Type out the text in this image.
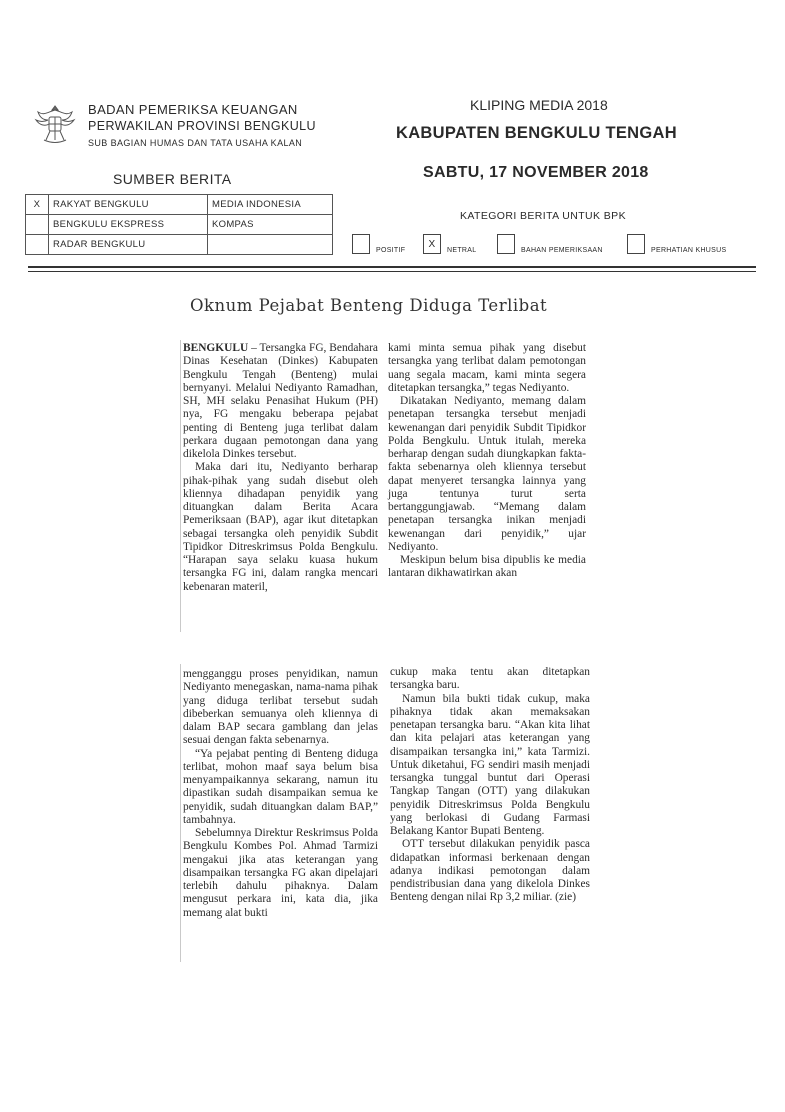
BADAN PEMERIKSA KEUANGAN
PERWAKILAN PROVINSI BENGKULU
SUB BAGIAN HUMAS DAN TATA USAHA KALAN
KLIPING MEDIA 2018
KABUPATEN BENGKULU TENGAH
SABTU, 17 NOVEMBER 2018
SUMBER BERITA
X	RAKYAT BENGKULU	MEDIA INDONESIA
	BENGKULU EKSPRESS	KOMPAS
	RADAR BENGKULU	
KATEGORI BERITA UNTUK BPK
POSITIF
X
NETRAL	BAHAN PEMERIKSAAN	PERHATIAN KHUSUS
Oknum Pejabat Benteng Diduga Terlibat

BENGKULU – Tersangka FG, Bendahara Dinas Kesehatan (Dinkes) Kabupaten Bengkulu Tengah (Benteng) mulai bernyanyi. Melalui Nediyanto Ramadhan, SH, MH selaku Penasihat Hukum (PH) nya, FG mengaku beberapa pejabat penting di Benteng juga terlibat dalam perkara dugaan pemotongan dana yang dikelola Dinkes tersebut.

Maka dari itu, Nediyanto berharap pihak-pihak yang sudah disebut oleh kliennya dihadapan penyidik yang dituangkan dalam Berita Acara Pemeriksaan (BAP), agar ikut ditetapkan sebagai tersangka oleh penyidik Subdit Tipidkor Ditreskrimsus Polda Bengkulu. “Harapan saya selaku kuasa hukum tersangka FG ini, dalam rangka mencari kebenaran materil,

kami minta semua pihak yang disebut tersangka yang terlibat dalam pemotongan uang segala macam, kami minta segera ditetapkan tersangka,” tegas Nediyanto.

Dikatakan Nediyanto, memang dalam penetapan tersangka tersebut menjadi kewenangan dari penyidik Subdit Tipidkor Polda Bengkulu. Untuk itulah, mereka berharap dengan sudah diungkapkan fakta-fakta sebenarnya oleh kliennya tersebut dapat menyeret tersangka lainnya yang juga tentunya turut serta bertanggungjawab. “Memang dalam penetapan tersangka inikan menjadi kewenangan dari penyidik,” ujar Nediyanto.

Meskipun belum bisa dipublis ke media lantaran dikhawatirkan akan

mengganggu proses penyidikan, namun Nediyanto menegaskan, nama-nama pihak yang diduga terlibat tersebut sudah dibeberkan semuanya oleh kliennya di dalam BAP secara gamblang dan jelas sesuai dengan fakta sebenarnya.

“Ya pejabat penting di Benteng diduga terlibat, mohon maaf saya belum bisa menyampaikannya sekarang, namun itu dipastikan sudah disampaikan semua ke penyidik, sudah dituangkan dalam BAP,” tambahnya.

Sebelumnya Direktur Reskrimsus Polda Bengkulu Kombes Pol. Ahmad Tarmizi mengakui jika atas keterangan yang disampaikan tersangka FG akan dipelajari terlebih dahulu pihaknya. Dalam mengusut perkara ini, kata dia, jika memang alat bukti

cukup maka tentu akan ditetapkan tersangka baru.

Namun bila bukti tidak cukup, maka pihaknya tidak akan memaksakan penetapan tersangka baru. “Akan kita lihat dan kita pelajari atas keterangan yang disampaikan tersangka ini,” kata Tarmizi. Untuk diketahui, FG sendiri masih menjadi tersangka tunggal buntut dari Operasi Tangkap Tangan (OTT) yang dilakukan penyidik Ditreskrimsus Polda Bengkulu yang berlokasi di Gudang Farmasi Belakang Kantor Bupati Benteng.

OTT tersebut dilakukan penyidik pasca didapatkan informasi berkenaan dengan adanya indikasi pemotongan dalam pendistribusian dana yang dikelola Dinkes Benteng dengan nilai Rp 3,2 miliar. (zie)
